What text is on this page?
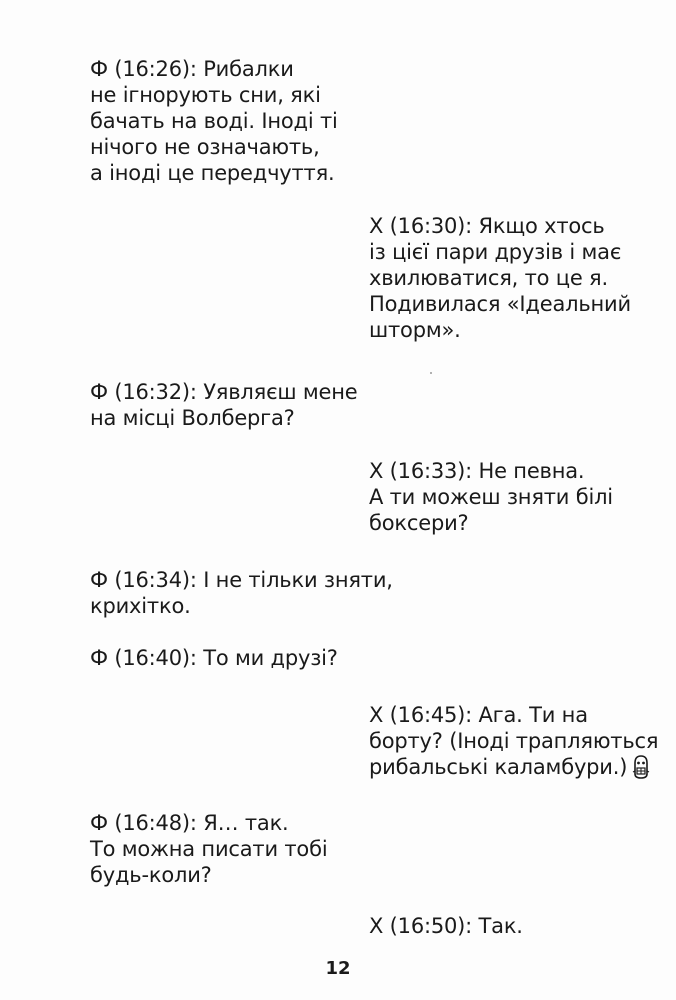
Ф (16:26): Рибалки
не ігнорують сни, які
бачать на воді. Іноді ті
нічого не означають,
а іноді це передчуття.
Х (16:30): Якщо хтось
із цієї пари друзів і має
хвилюватися, то це я.
Подивилася «Ідеальний
шторм».
Ф (16:32): Уявляєш мене
на місці Волберга?
Х (16:33): Не певна.
А ти можеш зняти білі
боксери?
Ф (16:34): І не тільки зняти,
крихітко.
Ф (16:40): То ми друзі?
Х (16:45): Ага. Ти на
борту? (Іноді трапляються
рибальські каламбури.)
Ф (16:48): Я… так.
То можна писати тобі
будь-коли?
Х (16:50): Так.
12
